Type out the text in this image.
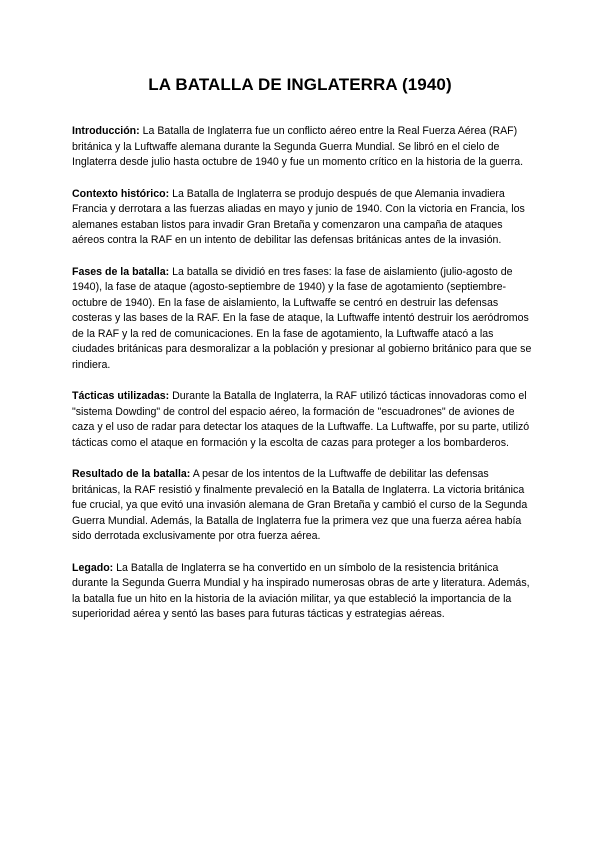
LA BATALLA DE INGLATERRA (1940)

Introducción: La Batalla de Inglaterra fue un conflicto aéreo entre la Real Fuerza Aérea (RAF) británica y la Luftwaffe alemana durante la Segunda Guerra Mundial. Se libró en el cielo de Inglaterra desde julio hasta octubre de 1940 y fue un momento crítico en la historia de la guerra.

Contexto histórico: La Batalla de Inglaterra se produjo después de que Alemania invadiera Francia y derrotara a las fuerzas aliadas en mayo y junio de 1940. Con la victoria en Francia, los alemanes estaban listos para invadir Gran Bretaña y comenzaron una campaña de ataques aéreos contra la RAF en un intento de debilitar las defensas británicas antes de la invasión.

Fases de la batalla: La batalla se dividió en tres fases: la fase de aislamiento (julio-agosto de 1940), la fase de ataque (agosto-septiembre de 1940) y la fase de agotamiento (septiembre-octubre de 1940). En la fase de aislamiento, la Luftwaffe se centró en destruir las defensas costeras y las bases de la RAF. En la fase de ataque, la Luftwaffe intentó destruir los aeródromos de la RAF y la red de comunicaciones. En la fase de agotamiento, la Luftwaffe atacó a las ciudades británicas para desmoralizar a la población y presionar al gobierno británico para que se rindiera.

Tácticas utilizadas: Durante la Batalla de Inglaterra, la RAF utilizó tácticas innovadoras como el "sistema Dowding" de control del espacio aéreo, la formación de "escuadrones" de aviones de caza y el uso de radar para detectar los ataques de la Luftwaffe. La Luftwaffe, por su parte, utilizó tácticas como el ataque en formación y la escolta de cazas para proteger a los bombarderos.

Resultado de la batalla: A pesar de los intentos de la Luftwaffe de debilitar las defensas británicas, la RAF resistió y finalmente prevaleció en la Batalla de Inglaterra. La victoria británica fue crucial, ya que evitó una invasión alemana de Gran Bretaña y cambió el curso de la Segunda Guerra Mundial. Además, la Batalla de Inglaterra fue la primera vez que una fuerza aérea había sido derrotada exclusivamente por otra fuerza aérea.

Legado: La Batalla de Inglaterra se ha convertido en un símbolo de la resistencia británica durante la Segunda Guerra Mundial y ha inspirado numerosas obras de arte y literatura. Además, la batalla fue un hito en la historia de la aviación militar, ya que estableció la importancia de la superioridad aérea y sentó las bases para futuras tácticas y estrategias aéreas.
